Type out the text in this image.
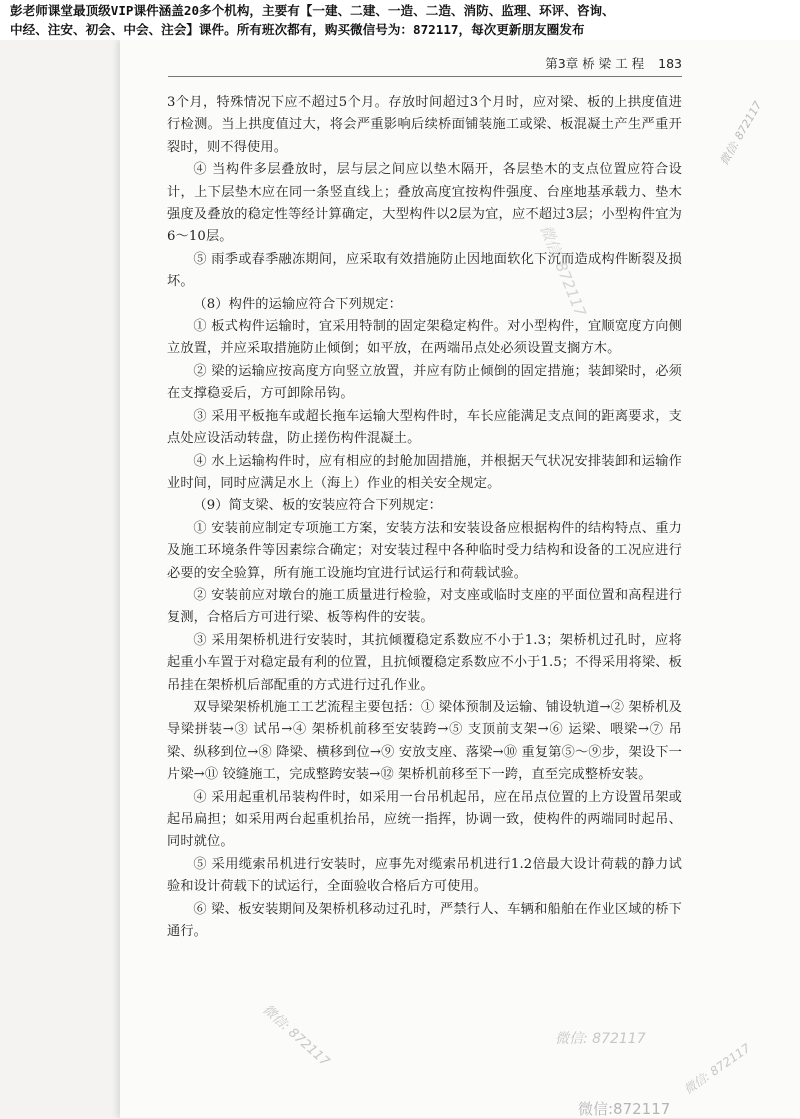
彭老师课堂最顶级VIP课件涵盖20多个机构，主要有【一建、二建、一造、二造、消防、监理、环评、咨询、
中经、注安、初会、中会、注会】课件。所有班次都有，购买微信号为：872117，每次更新朋友圈发布
第3章 桥 梁 工 程 183

3个月，特殊情况下应不超过5个月。存放时间超过3个月时，应对梁、板的上拱度值进行检测。当上拱度值过大，将会严重影响后续桥面铺装施工或梁、板混凝土产生严重开裂时，则不得使用。

④ 当构件多层叠放时，层与层之间应以垫木隔开，各层垫木的支点位置应符合设计，上下层垫木应在同一条竖直线上；叠放高度宜按构件强度、台座地基承载力、垫木强度及叠放的稳定性等经计算确定，大型构件以2层为宜，应不超过3层；小型构件宜为6～10层。

⑤ 雨季或春季融冻期间，应采取有效措施防止因地面软化下沉而造成构件断裂及损坏。

（8）构件的运输应符合下列规定：

① 板式构件运输时，宜采用特制的固定架稳定构件。对小型构件，宜顺宽度方向侧立放置，并应采取措施防止倾倒；如平放，在两端吊点处必须设置支搁方木。

② 梁的运输应按高度方向竖立放置，并应有防止倾倒的固定措施；装卸梁时，必须在支撑稳妥后，方可卸除吊钩。

③ 采用平板拖车或超长拖车运输大型构件时，车长应能满足支点间的距离要求，支点处应设活动转盘，防止搓伤构件混凝土。

④ 水上运输构件时，应有相应的封舱加固措施，并根据天气状况安排装卸和运输作业时间，同时应满足水上（海上）作业的相关安全规定。

（9）简支梁、板的安装应符合下列规定：

① 安装前应制定专项施工方案，安装方法和安装设备应根据构件的结构特点、重力及施工环境条件等因素综合确定；对安装过程中各种临时受力结构和设备的工况应进行必要的安全验算，所有施工设施均宜进行试运行和荷载试验。

② 安装前应对墩台的施工质量进行检验，对支座或临时支座的平面位置和高程进行复测，合格后方可进行梁、板等构件的安装。

③ 采用架桥机进行安装时，其抗倾覆稳定系数应不小于1.3；架桥机过孔时，应将起重小车置于对稳定最有利的位置，且抗倾覆稳定系数应不小于1.5；不得采用将梁、板吊挂在架桥机后部配重的方式进行过孔作业。

双导梁架桥机施工工艺流程主要包括：① 梁体预制及运输、铺设轨道→② 架桥机及导梁拼装→③ 试吊→④ 架桥机前移至安装跨→⑤ 支顶前支架→⑥ 运梁、喂梁→⑦ 吊梁、纵移到位→⑧ 降梁、横移到位→⑨ 安放支座、落梁→⑩ 重复第⑤～⑨步，架设下一片梁→⑪ 铰缝施工，完成整跨安装→⑫ 架桥机前移至下一跨，直至完成整桥安装。

④ 采用起重机吊装构件时，如采用一台吊机起吊，应在吊点位置的上方设置吊架或起吊扁担；如采用两台起重机抬吊，应统一指挥，协调一致，使构件的两端同时起吊、同时就位。

⑤ 采用缆索吊机进行安装时，应事先对缆索吊机进行1.2倍最大设计荷载的静力试验和设计荷载下的试运行，全面验收合格后方可使用。

⑥ 梁、板安装期间及架桥机移动过孔时，严禁行人、车辆和船舶在作业区域的桥下通行。

微信: 872117
微信: 872117
微信: 872117	微信: 872117
微信: 872117
微信:872117
